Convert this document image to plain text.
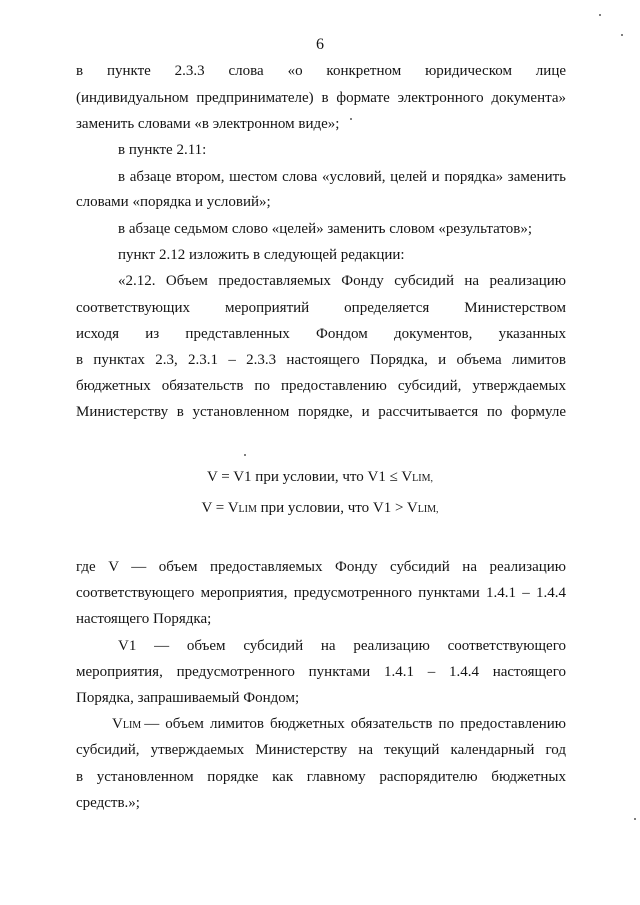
6
в пункте 2.3.3 слова «о конкретном юридическом лице
(индивидуальном предпринимателе) в формате электронного документа»
заменить словами «в электронном виде»;
в пункте 2.11:
в абзаце втором, шестом слова «условий, целей и порядка» заменить
словами «порядка и условий»;
в абзаце седьмом слово «целей» заменить словом «результатов»;
пункт 2.12 изложить в следующей редакции:
«2.12. Объем предоставляемых Фонду субсидий на реализацию
соответствующих мероприятий определяется Министерством
исходя из представленных Фондом документов, указанных
в пунктах 2.3, 2.3.1 – 2.3.3 настоящего Порядка, и объема лимитов
бюджетных обязательств по предоставлению субсидий, утверждаемых
Министерству в установленном порядке, и рассчитывается по формуле
V = V1 при условии, что V1 ≤ VLIM,
V = VLIM при условии, что V1 > VLIM,
где V — объем предоставляемых Фонду субсидий на реализацию
соответствующего мероприятия, предусмотренного пунктами 1.4.1 – 1.4.4
настоящего Порядка;
V1 — объем субсидий на реализацию соответствующего
мероприятия, предусмотренного пунктами 1.4.1 – 1.4.4 настоящего
Порядка, запрашиваемый Фондом;
V LIM — объем лимитов бюджетных обязательств по предоставлению
субсидий, утверждаемых Министерству на текущий календарный год
в установленном порядке как главному распорядителю бюджетных
средств.»;
